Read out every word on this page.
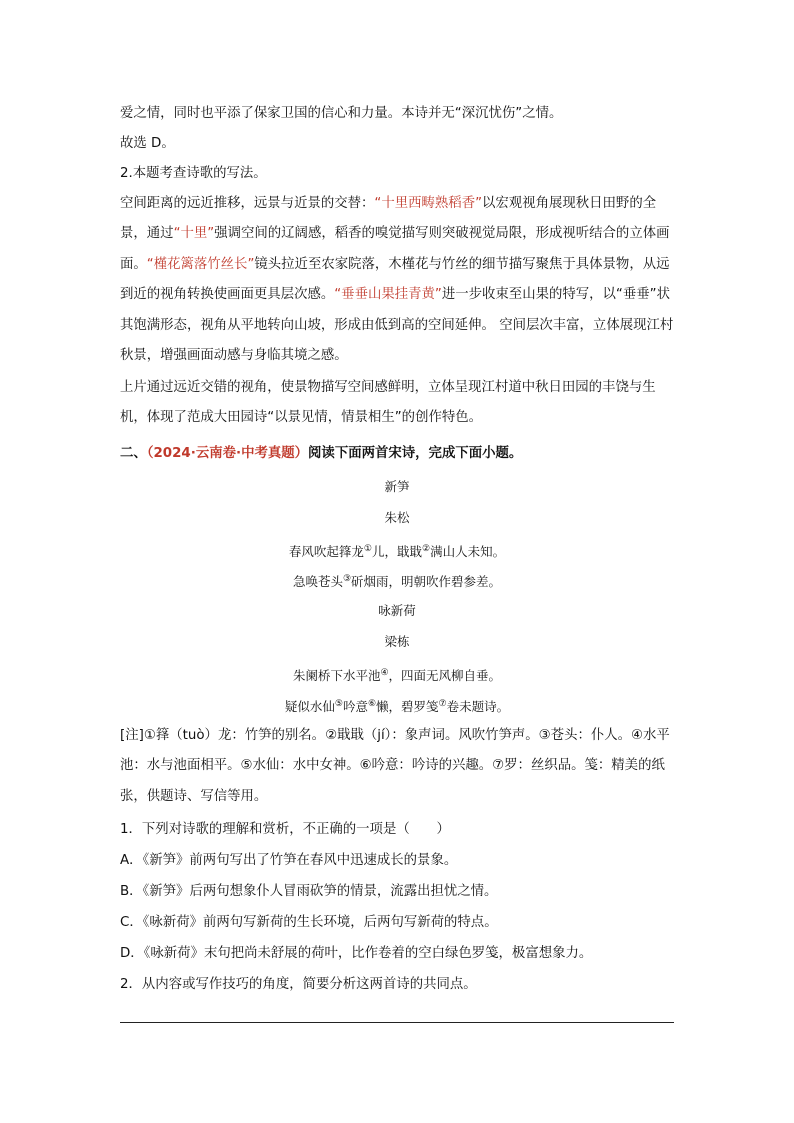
爱之情，同时也平添了保家卫国的信心和力量。本诗并无“深沉忧伤”之情。
故选 D。
2.本题考查诗歌的写法。
空间距离的远近推移，远景与近景的交替：“十里西畴熟稻香”以宏观视角展现秋日田野的全景，通过“十里”强调空间的辽阔感，稻香的嗅觉描写则突破视觉局限，形成视听结合的立体画面。“槿花篱落竹丝长”镜头拉近至农家院落，木槿花与竹丝的细节描写聚焦于具体景物，从远到近的视角转换使画面更具层次感。“垂垂山果挂青黄”进一步收束至山果的特写，以“垂垂”状其饱满形态，视角从平地转向山坡，形成由低到高的空间延伸。 空间层次丰富，立体展现江村秋景，增强画面动感与身临其境之感。
上片通过远近交错的视角，使景物描写空间感鲜明，立体呈现江村道中秋日田园的丰饶与生机，体现了范成大田园诗“以景见情，情景相生”的创作特色。
二、（2024·云南卷·中考真题）阅读下面两首宋诗，完成下面小题。
新笋
朱松
春风吹起箨龙①儿，戢戢②满山人未知。
急唤苍头③斫烟雨，明朝吹作碧参差。
咏新荷
梁栋
朱阑桥下水平池④，四面无风柳自垂。
疑似水仙⑤吟意⑥懒，碧罗笺⑦卷未题诗。
[注]①箨（tuò）龙：竹笋的别名。②戢戢（jí）：象声词。风吹竹笋声。③苍头：仆人。④水平池：水与池面相平。⑤水仙：水中女神。⑥吟意：吟诗的兴趣。⑦罗：丝织品。笺：精美的纸张，供题诗、写信等用。
1．下列对诗歌的理解和赏析，不正确的一项是（　　）
A．《新笋》前两句写出了竹笋在春风中迅速成长的景象。
B．《新笋》后两句想象仆人冒雨砍笋的情景，流露出担忧之情。
C．《咏新荷》前两句写新荷的生长环境，后两句写新荷的特点。
D．《咏新荷》末句把尚未舒展的荷叶，比作卷着的空白绿色罗笺，极富想象力。
2．从内容或写作技巧的角度，简要分析这两首诗的共同点。
